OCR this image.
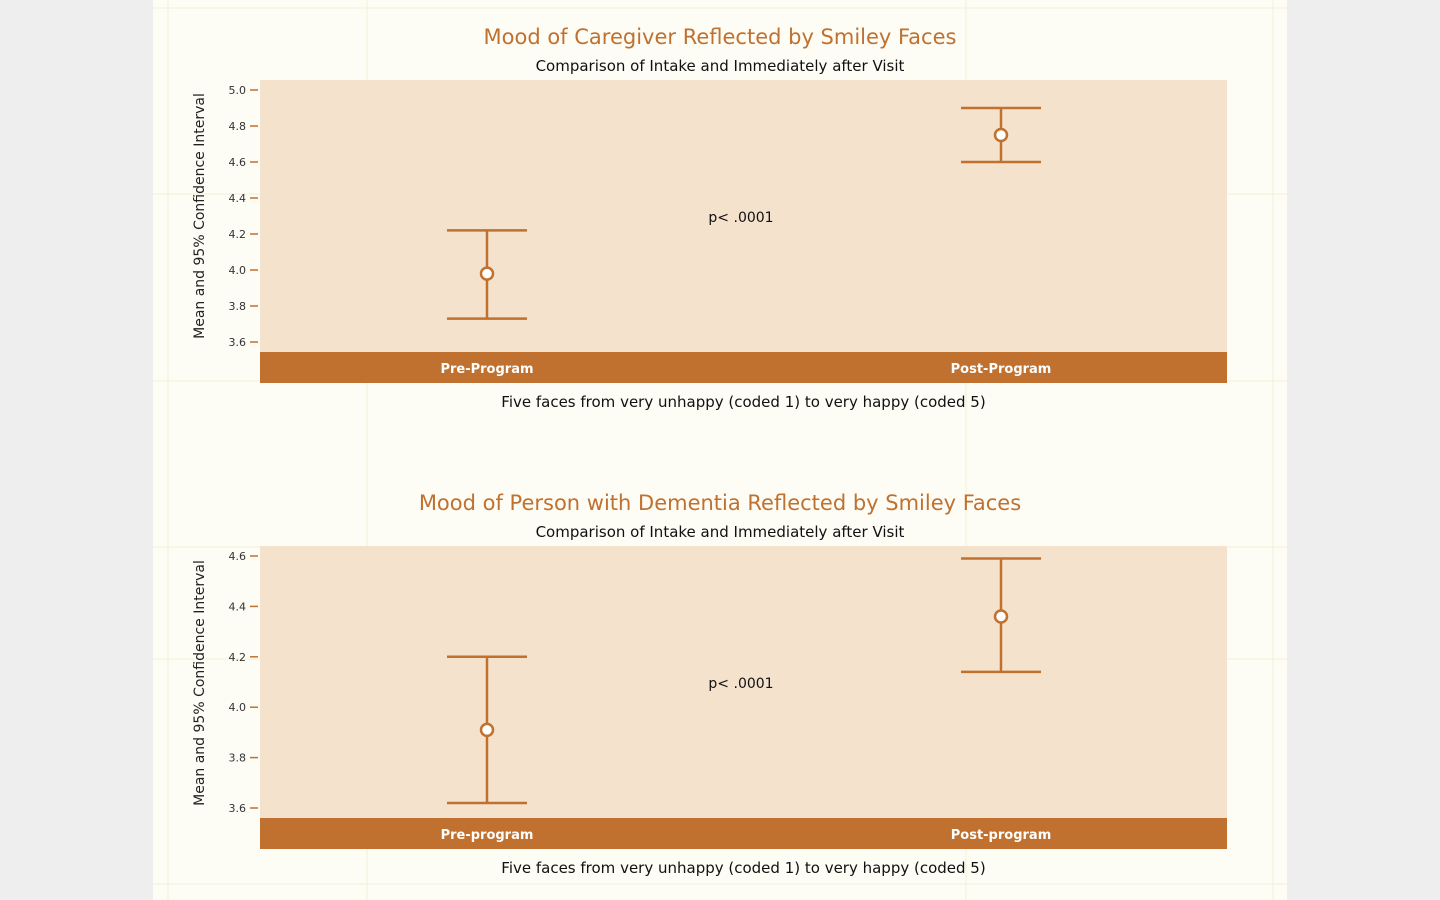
Mood of Caregiver Reflected by Smiley Faces
Comparison of Intake and Immediately after Visit
Mean and 95% Confidence Interval
3.6
3.8
4.0
4.2
4.4
4.6
4.8
5.0
Pre-Program	Post-Program
p< .0001
Five faces from very unhappy (coded 1) to very happy (coded 5)
Mood of Person with Dementia Reflected by Smiley Faces
Comparison of Intake and Immediately after Visit
Mean and 95% Confidence Interval
3.6
3.8
4.0
4.2
4.4
4.6
Pre-program	Post-program
p< .0001
Five faces from very unhappy (coded 1) to very happy (coded 5)
